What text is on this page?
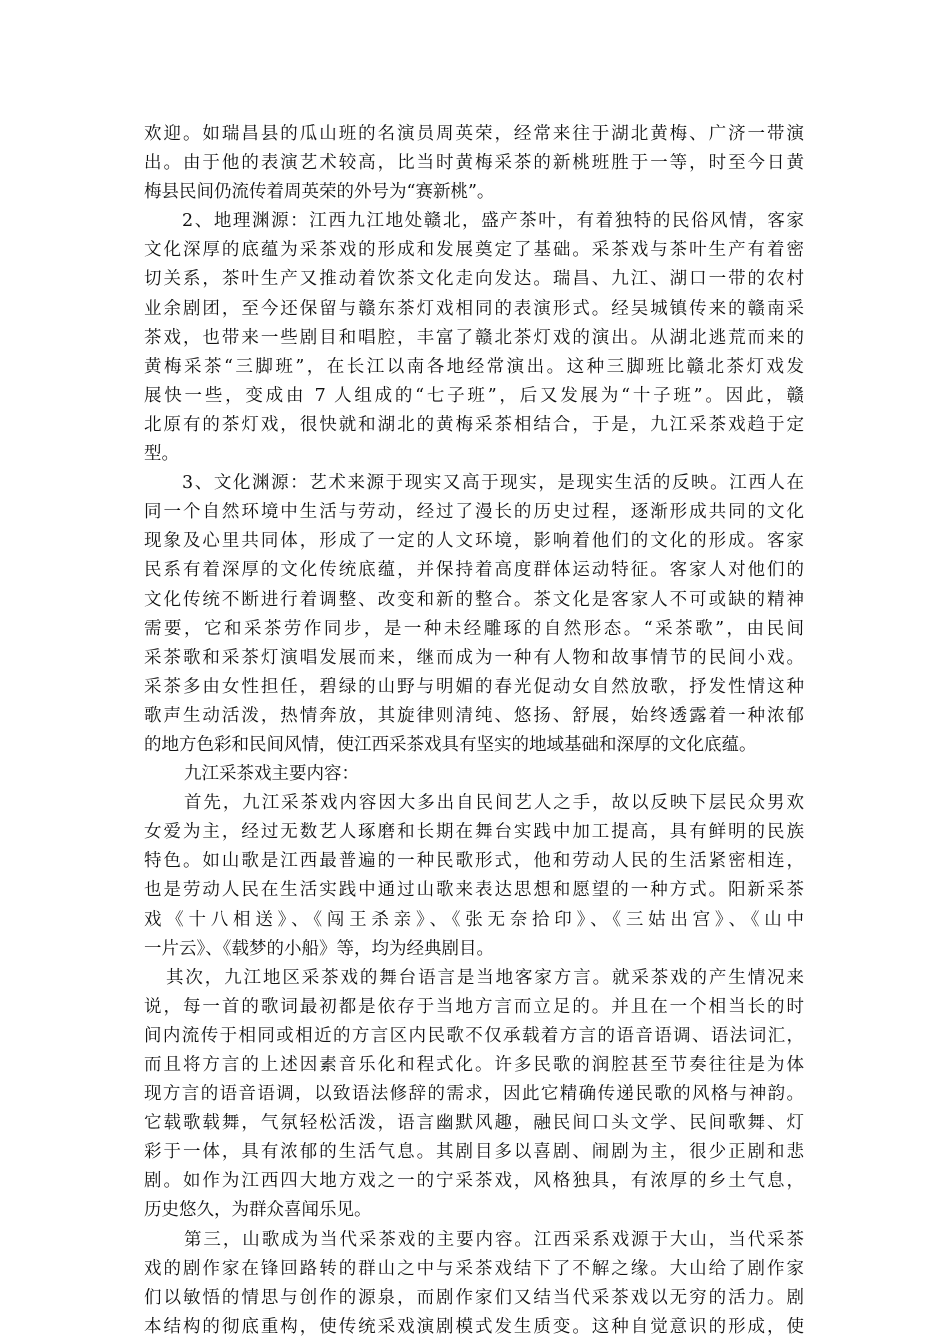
欢迎。如瑞昌县的瓜山班的名演员周英荣，经常来往于湖北黄梅、广济一带演
出。由于他的表演艺术较高，比当时黄梅采茶的新桃班胜于一等，时至今日黄
梅县民间仍流传着周英荣的外号为“赛新桃”。
2、地理渊源：江西九江地处赣北，盛产茶叶，有着独特的民俗风情，客家
文化深厚的底蕴为采茶戏的形成和发展奠定了基础。采茶戏与茶叶生产有着密
切关系，茶叶生产又推动着饮茶文化走向发达。瑞昌、九江、湖口一带的农村
业余剧团，至今还保留与赣东茶灯戏相同的表演形式。经吴城镇传来的赣南采
茶戏，也带来一些剧目和唱腔，丰富了赣北茶灯戏的演出。从湖北逃荒而来的
黄梅采茶“三脚班”，在长江以南各地经常演出。这种三脚班比赣北茶灯戏发
展快一些，变成由 7 人组成的“七子班”，后又发展为“十子班”。因此，赣
北原有的茶灯戏，很快就和湖北的黄梅采茶相结合，于是，九江采茶戏趋于定
型。
3、文化渊源：艺术来源于现实又高于现实，是现实生活的反映。江西人在
同一个自然环境中生活与劳动，经过了漫长的历史过程，逐渐形成共同的文化
现象及心里共同体，形成了一定的人文环境，影响着他们的文化的形成。客家
民系有着深厚的文化传统底蕴，并保持着高度群体运动特征。客家人对他们的
文化传统不断进行着调整、改变和新的整合。茶文化是客家人不可或缺的精神
需要，它和采茶劳作同步，是一种未经雕琢的自然形态。“采茶歌”，由民间
采茶歌和采茶灯演唱发展而来，继而成为一种有人物和故事情节的民间小戏。
采茶多由女性担任，碧绿的山野与明媚的春光促动女自然放歌，抒发性情这种
歌声生动活泼，热情奔放，其旋律则清纯、悠扬、舒展，始终透露着一种浓郁
的地方色彩和民间风情，使江西采茶戏具有坚实的地域基础和深厚的文化底蕴。
九江采茶戏主要内容：
首先，九江采茶戏内容因大多出自民间艺人之手，故以反映下层民众男欢
女爱为主，经过无数艺人琢磨和长期在舞台实践中加工提高，具有鲜明的民族
特色。如山歌是江西最普遍的一种民歌形式，他和劳动人民的生活紧密相连，
也是劳动人民在生活实践中通过山歌来表达思想和愿望的一种方式。阳新采茶
戏《十八相送》、《闯王杀亲》、《张无奈拾印》、《三姑出宫》、《山中
一片云》、《载梦的小船》等，均为经典剧目。
其次，九江地区采茶戏的舞台语言是当地客家方言。就采茶戏的产生情况来
说，每一首的歌词最初都是依存于当地方言而立足的。并且在一个相当长的时
间内流传于相同或相近的方言区内民歌不仅承载着方言的语音语调、语法词汇，
而且将方言的上述因素音乐化和程式化。许多民歌的润腔甚至节奏往往是为体
现方言的语音语调，以致语法修辞的需求，因此它精确传递民歌的风格与神韵。
它载歌载舞，气氛轻松活泼，语言幽默风趣，融民间口头文学、民间歌舞、灯
彩于一体，具有浓郁的生活气息。其剧目多以喜剧、闹剧为主，很少正剧和悲
剧。如作为江西四大地方戏之一的宁采茶戏，风格独具，有浓厚的乡土气息，
历史悠久，为群众喜闻乐见。
第三，山歌成为当代采茶戏的主要内容。江西采系戏源于大山，当代采茶
戏的剧作家在锋回路转的群山之中与采茶戏结下了不解之缘。大山给了剧作家
们以敏悟的情思与创作的源泉，而剧作家们又结当代采茶戏以无穷的活力。剧
本结构的彻底重构，使传统采戏演剧模式发生质变。这种自觉意识的形成，使
